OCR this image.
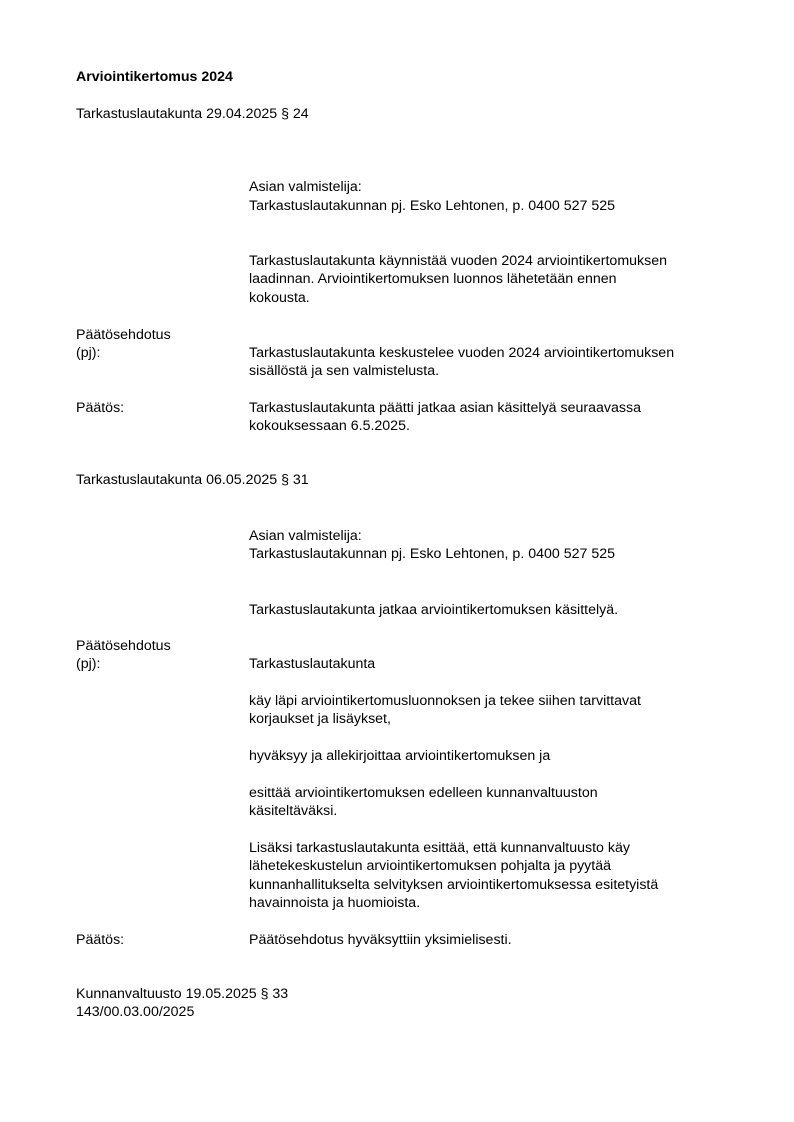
Arviointikertomus 2024
Tarkastuslautakunta 29.04.2025 § 24
Asian valmistelija:
Tarkastuslautakunnan pj. Esko Lehtonen, p. 0400 527 525
Tarkastuslautakunta käynnistää vuoden 2024 arviointikertomuksen
laadinnan. Arviointikertomuksen luonnos lähetetään ennen
kokousta.
Päätösehdotus
(pj):	Tarkastuslautakunta keskustelee vuoden 2024 arviointikertomuksen
sisällöstä ja sen valmistelusta.
Päätös:	Tarkastuslautakunta päätti jatkaa asian käsittelyä seuraavassa
kokouksessaan 6.5.2025.
Tarkastuslautakunta 06.05.2025 § 31
Asian valmistelija:
Tarkastuslautakunnan pj. Esko Lehtonen, p. 0400 527 525
Tarkastuslautakunta jatkaa arviointikertomuksen käsittelyä.
Päätösehdotus
(pj):	Tarkastuslautakunta
käy läpi arviointikertomusluonnoksen ja tekee siihen tarvittavat
korjaukset ja lisäykset,
hyväksyy ja allekirjoittaa arviointikertomuksen ja
esittää arviointikertomuksen edelleen kunnanvaltuuston
käsiteltäväksi.
Lisäksi tarkastuslautakunta esittää, että kunnanvaltuusto käy
lähetekeskustelun arviointikertomuksen pohjalta ja pyytää
kunnanhallitukselta selvityksen arviointikertomuksessa esitetyistä
havainnoista ja huomioista.
Päätös:	Päätösehdotus hyväksyttiin yksimielisesti.
Kunnanvaltuusto 19.05.2025 § 33
143/00.03.00/2025
